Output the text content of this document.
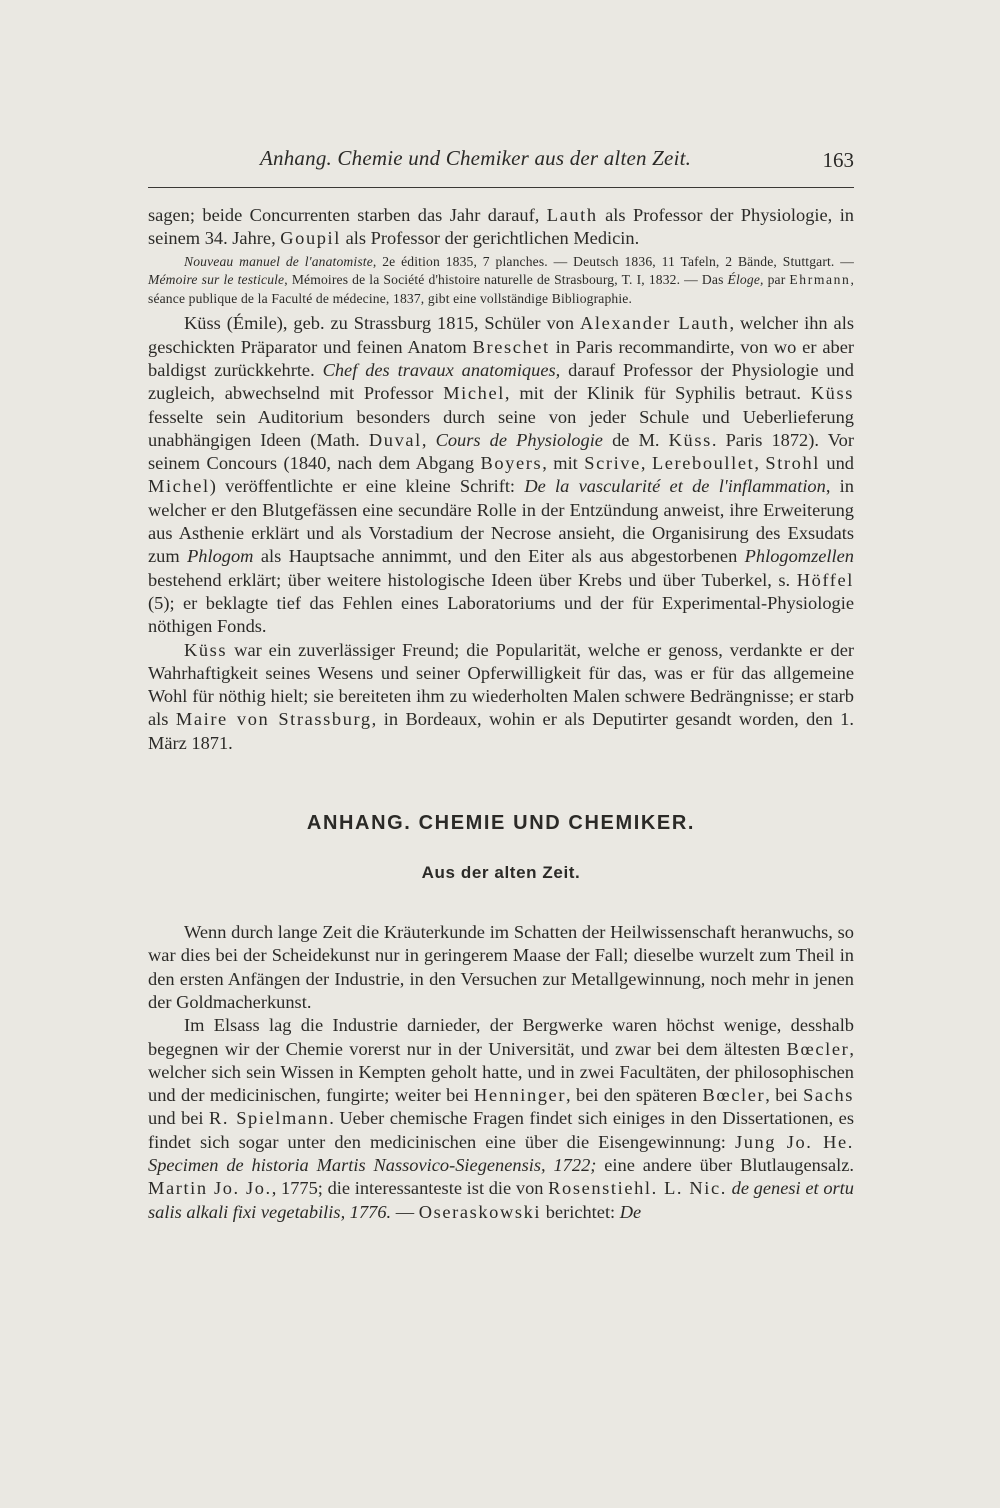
Anhang. Chemie und Chemiker aus der alten Zeit.	163

sagen; beide Concurrenten starben das Jahr darauf, Lauth als Professor der Physiologie, in seinem 34. Jahre, Goupil als Professor der gerichtlichen Medicin.

Nouveau manuel de l'anatomiste, 2e édition 1835, 7 planches. — Deutsch 1836, 11 Tafeln, 2 Bände, Stuttgart. — Mémoire sur le testicule, Mémoires de la Société d'histoire naturelle de Strasbourg, T. I, 1832. — Das Éloge, par Ehrmann, séance publique de la Faculté de médecine, 1837, gibt eine vollständige Bibliographie.

Küss (Émile), geb. zu Strassburg 1815, Schüler von Alexander Lauth, welcher ihn als geschickten Präparator und feinen Anatom Breschet in Paris recommandirte, von wo er aber baldigst zurückkehrte. Chef des travaux anatomiques, darauf Professor der Physiologie und zugleich, abwechselnd mit Professor Michel, mit der Klinik für Syphilis betraut. Küss fesselte sein Auditorium besonders durch seine von jeder Schule und Ueberlieferung unabhängigen Ideen (Math. Duval, Cours de Physiologie de M. Küss. Paris 1872). Vor seinem Concours (1840, nach dem Abgang Boyers, mit Scrive, Lereboullet, Strohl und Michel) veröffentlichte er eine kleine Schrift: De la vascularité et de l'inflammation, in welcher er den Blutgefässen eine secundäre Rolle in der Entzündung anweist, ihre Erweiterung aus Asthenie erklärt und als Vorstadium der Necrose ansieht, die Organisirung des Exsudats zum Phlogom als Hauptsache annimmt, und den Eiter als aus abgestorbenen Phlogomzellen bestehend erklärt; über weitere histologische Ideen über Krebs und über Tuberkel, s. Höffel (5); er beklagte tief das Fehlen eines Laboratoriums und der für Experimental-Physiologie nöthigen Fonds.

Küss war ein zuverlässiger Freund; die Popularität, welche er genoss, verdankte er der Wahrhaftigkeit seines Wesens und seiner Opferwilligkeit für das, was er für das allgemeine Wohl für nöthig hielt; sie bereiteten ihm zu wiederholten Malen schwere Bedrängnisse; er starb als Maire von Strassburg, in Bordeaux, wohin er als Deputirter gesandt worden, den 1. März 1871.

ANHANG. CHEMIE UND CHEMIKER.
Aus der alten Zeit.

Wenn durch lange Zeit die Kräuterkunde im Schatten der Heilwissenschaft heranwuchs, so war dies bei der Scheidekunst nur in geringerem Maase der Fall; dieselbe wurzelt zum Theil in den ersten Anfängen der Industrie, in den Versuchen zur Metallgewinnung, noch mehr in jenen der Goldmacherkunst.

Im Elsass lag die Industrie darnieder, der Bergwerke waren höchst wenige, desshalb begegnen wir der Chemie vorerst nur in der Universität, und zwar bei dem ältesten Bœcler, welcher sich sein Wissen in Kempten geholt hatte, und in zwei Facultäten, der philosophischen und der medicinischen, fungirte; weiter bei Henninger, bei den späteren Bœcler, bei Sachs und bei R. Spielmann. Ueber chemische Fragen findet sich einiges in den Dissertationen, es findet sich sogar unter den medicinischen eine über die Eisengewinnung: Jung Jo. He. Specimen de historia Martis Nassovico-Siegenensis, 1722; eine andere über Blutlaugensalz. Martin Jo. Jo., 1775; die interessanteste ist die von Rosenstiehl. L. Nic. de genesi et ortu salis alkali fixi vegetabilis, 1776. — Oseraskowski berichtet: De
